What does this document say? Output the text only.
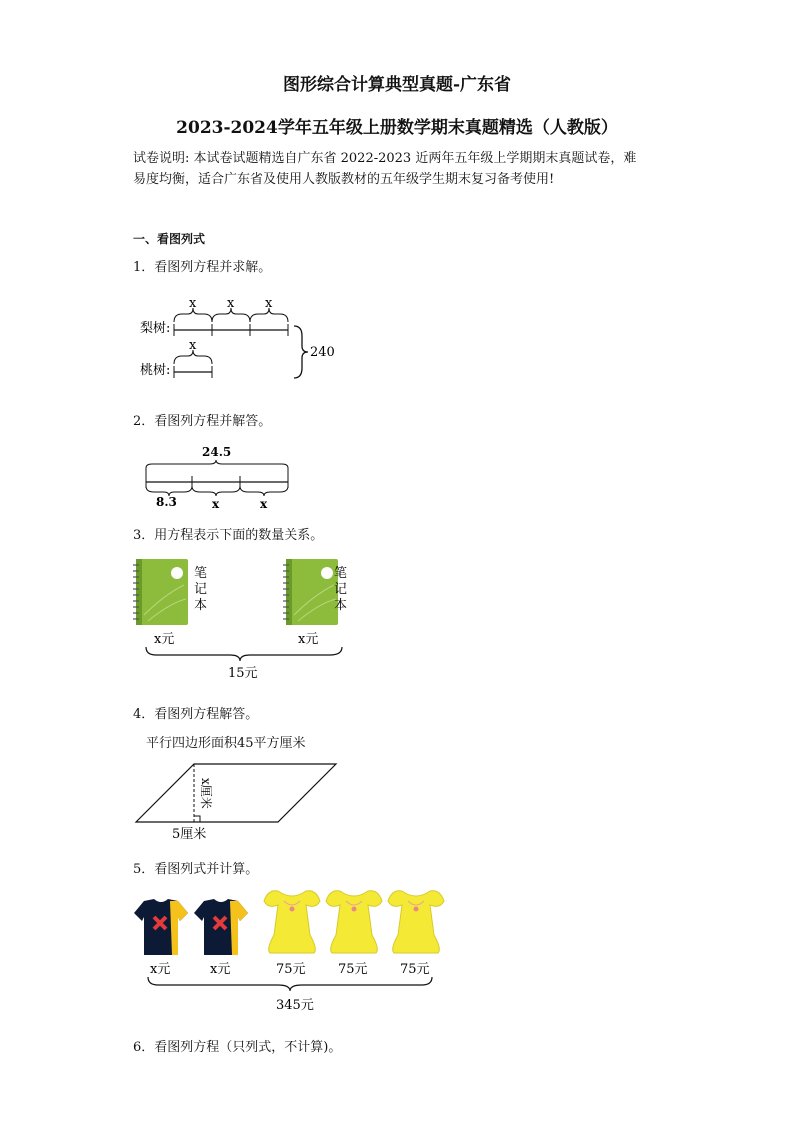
图形综合计算典型真题-广东省
2023-2024学年五年级上册数学期末真题精选（人教版）
试卷说明: 本试卷试题精选自广东省 2022-2023 近两年五年级上学期期末真题试卷，难
易度均衡，适合广东省及使用人教版教材的五年级学生期末复习备考使用!
一、看图列式
1．看图列方程并求解。
梨树:
桃树:
x x x
x	240
2．看图列方程并解答。
24.5
8.3	x	x
3．用方程表示下面的数量关系。
笔
记
本
x元
笔
记
本
x元
15元
4．看图列方程解答。
平行四边形面积45平方厘米
x厘米
5厘米
5．看图列式并计算。
x元	x元	75元 75元 75元
345元
6．看图列方程（只列式，不计算)。
